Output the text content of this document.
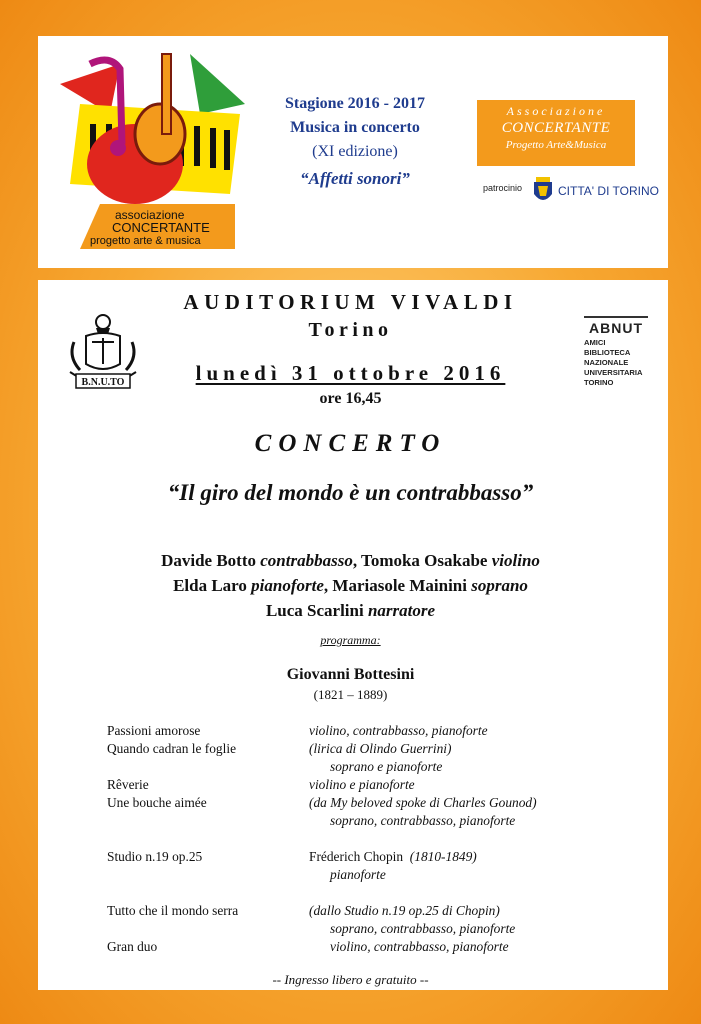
associazione
CONCERTANTE
progetto arte & musica
Stagione 2016 - 2017
Musica in concerto
(XI edizione)
“Affetti sonori”
Associazione
CONCERTANTE
Progetto Arte&Musica
patrocinio	CITTA' DI TORINO
B.N.U.TO
ABNUT
AMICI
BIBLIOTECA
NAZIONALE
UNIVERSITARIA
TORINO
AUDITORIUM VIVALDI
Torino
lunedì 31 ottobre 2016
ore 16,45
CONCERTO
“Il giro del mondo è un contrabbasso”
Davide Botto contrabbasso, Tomoka Osakabe violino
Elda Laro pianoforte, Mariasole Mainini soprano
Luca Scarlini narratore
programma:
Giovanni Bottesini
(1821 – 1889)
Passioni amorose	violino, contrabbasso, pianoforte
Quando cadran le foglie	(lirica di Olindo Guerrini)
soprano e pianoforte
Rêverie	violino e pianoforte
Une bouche aimée	(da My beloved spoke di Charles Gounod)
soprano, contrabbasso, pianoforte
Studio n.19 op.25	Fréderich Chopin (1810-1849)
pianoforte
Tutto che il mondo serra	(dallo Studio n.19 op.25 di Chopin)
soprano, contrabbasso, pianoforte
Gran duo	violino, contrabbasso, pianoforte
-- Ingresso libero e gratuito --
